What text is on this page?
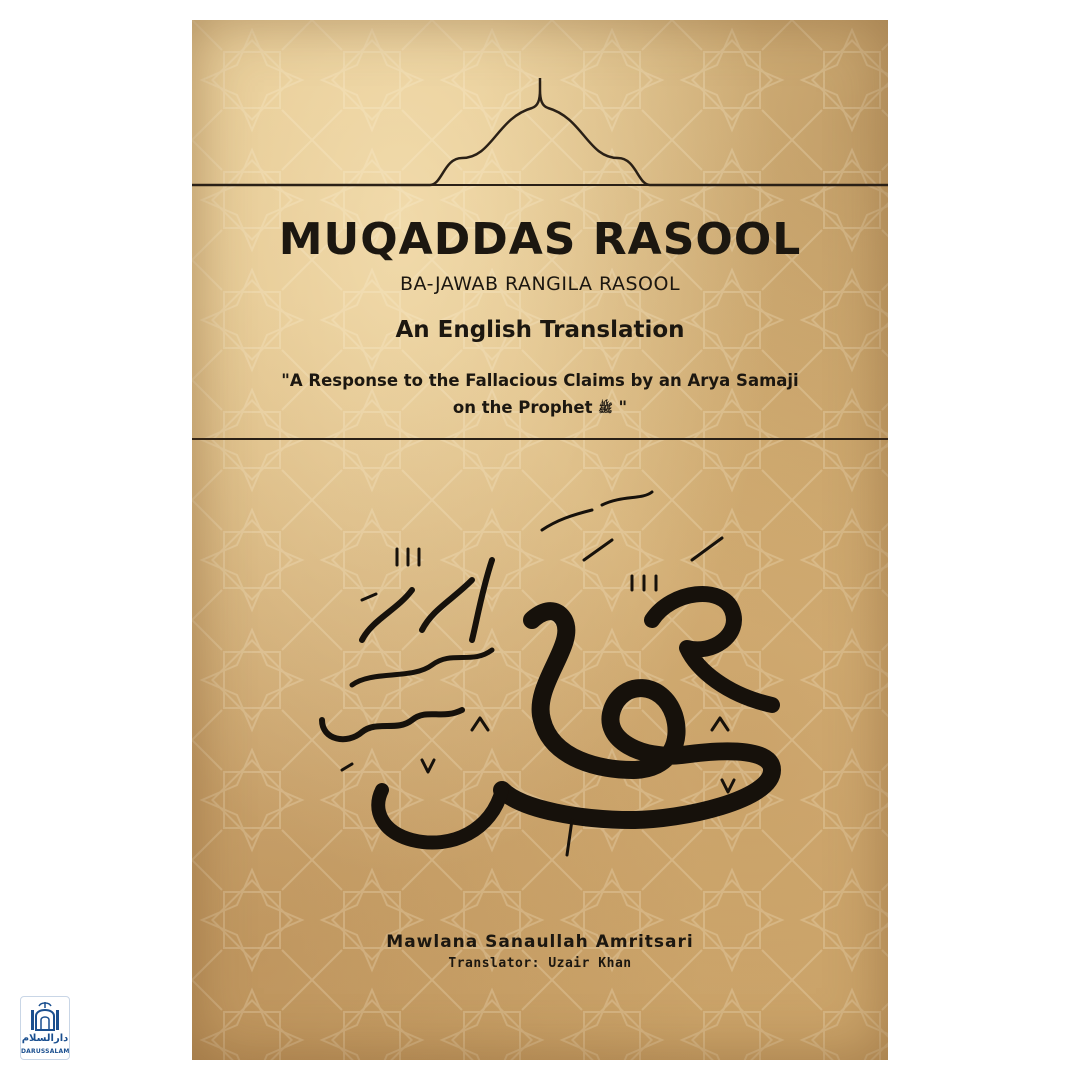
MUQADDAS RASOOL
BA-JAWAB RANGILA RASOOL
An English Translation
"A Response to the Fallacious Claims by an Arya Samaji
on the Prophet ﷺ "
Mawlana Sanaullah Amritsari
Translator: Uzair Khan
دارالسلام
DARUSSALAM
